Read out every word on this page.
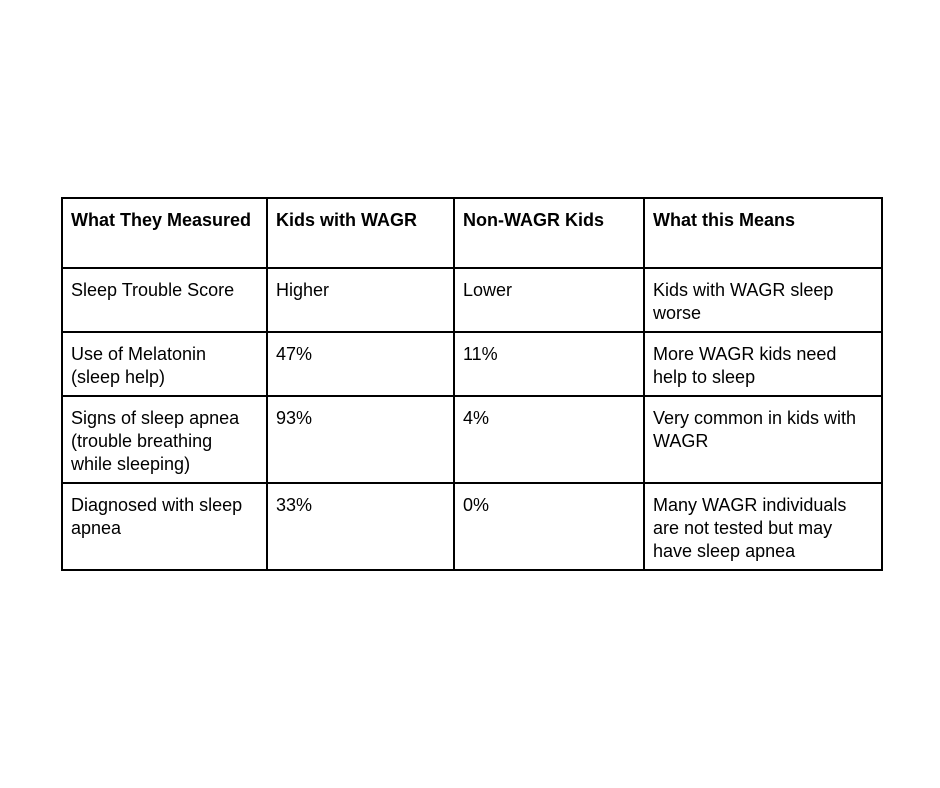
What They Measured	Kids with WAGR	Non-WAGR Kids	What this Means
Sleep Trouble Score	Higher	Lower	Kids with WAGR sleep worse
Use of Melatonin (sleep help)	47%	11%	More WAGR kids need help to sleep
Signs of sleep apnea (trouble breathing while sleeping)	93%	4%	Very common in kids with WAGR
Diagnosed with sleep apnea	33%	0%	Many WAGR individuals are not tested but may have sleep apnea
